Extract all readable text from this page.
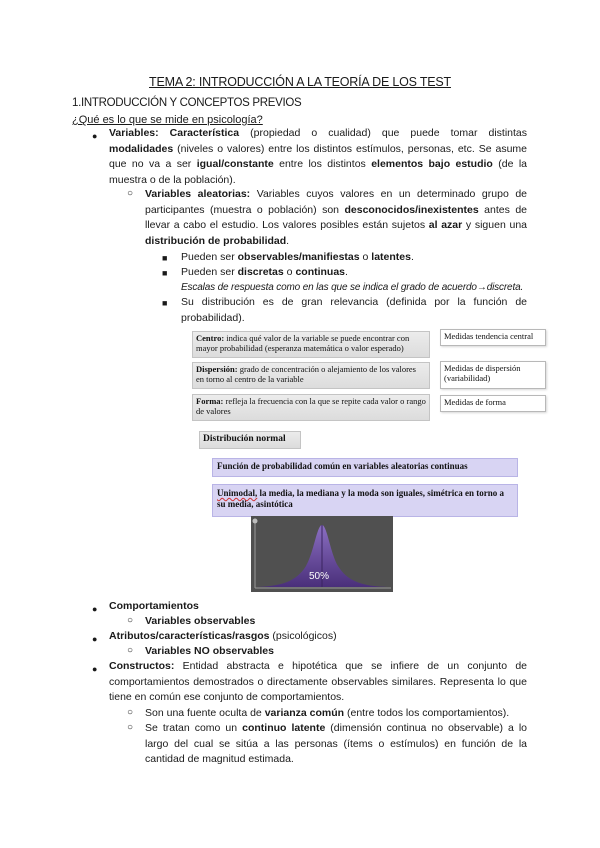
TEMA 2: INTRODUCCIÓN A LA TEORÍA DE LOS TEST
1.INTRODUCCIÓN Y CONCEPTOS PREVIOS
¿Qué es lo que se mide en psicología?
● Variables: Característica (propiedad o cualidad) que puede tomar distintas modalidades (niveles o valores) entre los distintos estímulos, personas, etc. Se asume que no va a ser igual/constante entre los distintos elementos bajo estudio (de la muestra o de la población).
○ Variables aleatorias: Variables cuyos valores en un determinado grupo de participantes (muestra o población) son desconocidos/inexistentes antes de llevar a cabo el estudio. Los valores posibles están sujetos al azar y siguen una distribución de probabilidad.
■ Pueden ser observables/manifiestas o latentes.
■ Pueden ser discretas o continuas.
Escalas de respuesta como en las que se indica el grado de acuerdo→discreta.
■ Su distribución es de gran relevancia (definida por la función de probabilidad).
Centro: indica qué valor de la variable se puede encontrar con mayor probabilidad (esperanza matemática o valor esperado)
Dispersión: grado de concentración o alejamiento de los valores en torno al centro de la variable
Forma: refleja la frecuencia con la que se repite cada valor o rango de valores
Medidas tendencia central
Medidas de dispersión (variabilidad)
Medidas de forma
Distribución normal
Función de probabilidad común en variables aleatorias continuas
Unimodal, la media, la mediana y la moda son iguales, simétrica en torno a su media, asintótica
50%
● Comportamientos
○ Variables observables
● Atributos/características/rasgos (psicológicos)
○ Variables NO observables
● Constructos: Entidad abstracta e hipotética que se infiere de un conjunto de comportamientos demostrados o directamente observables similares. Representa lo que tiene en común ese conjunto de comportamientos.
○ Son una fuente oculta de varianza común (entre todos los comportamientos).
○ Se tratan como un continuo latente (dimensión continua no observable) a lo largo del cual se sitúa a las personas (ítems o estímulos) en función de la cantidad de magnitud estimada.
